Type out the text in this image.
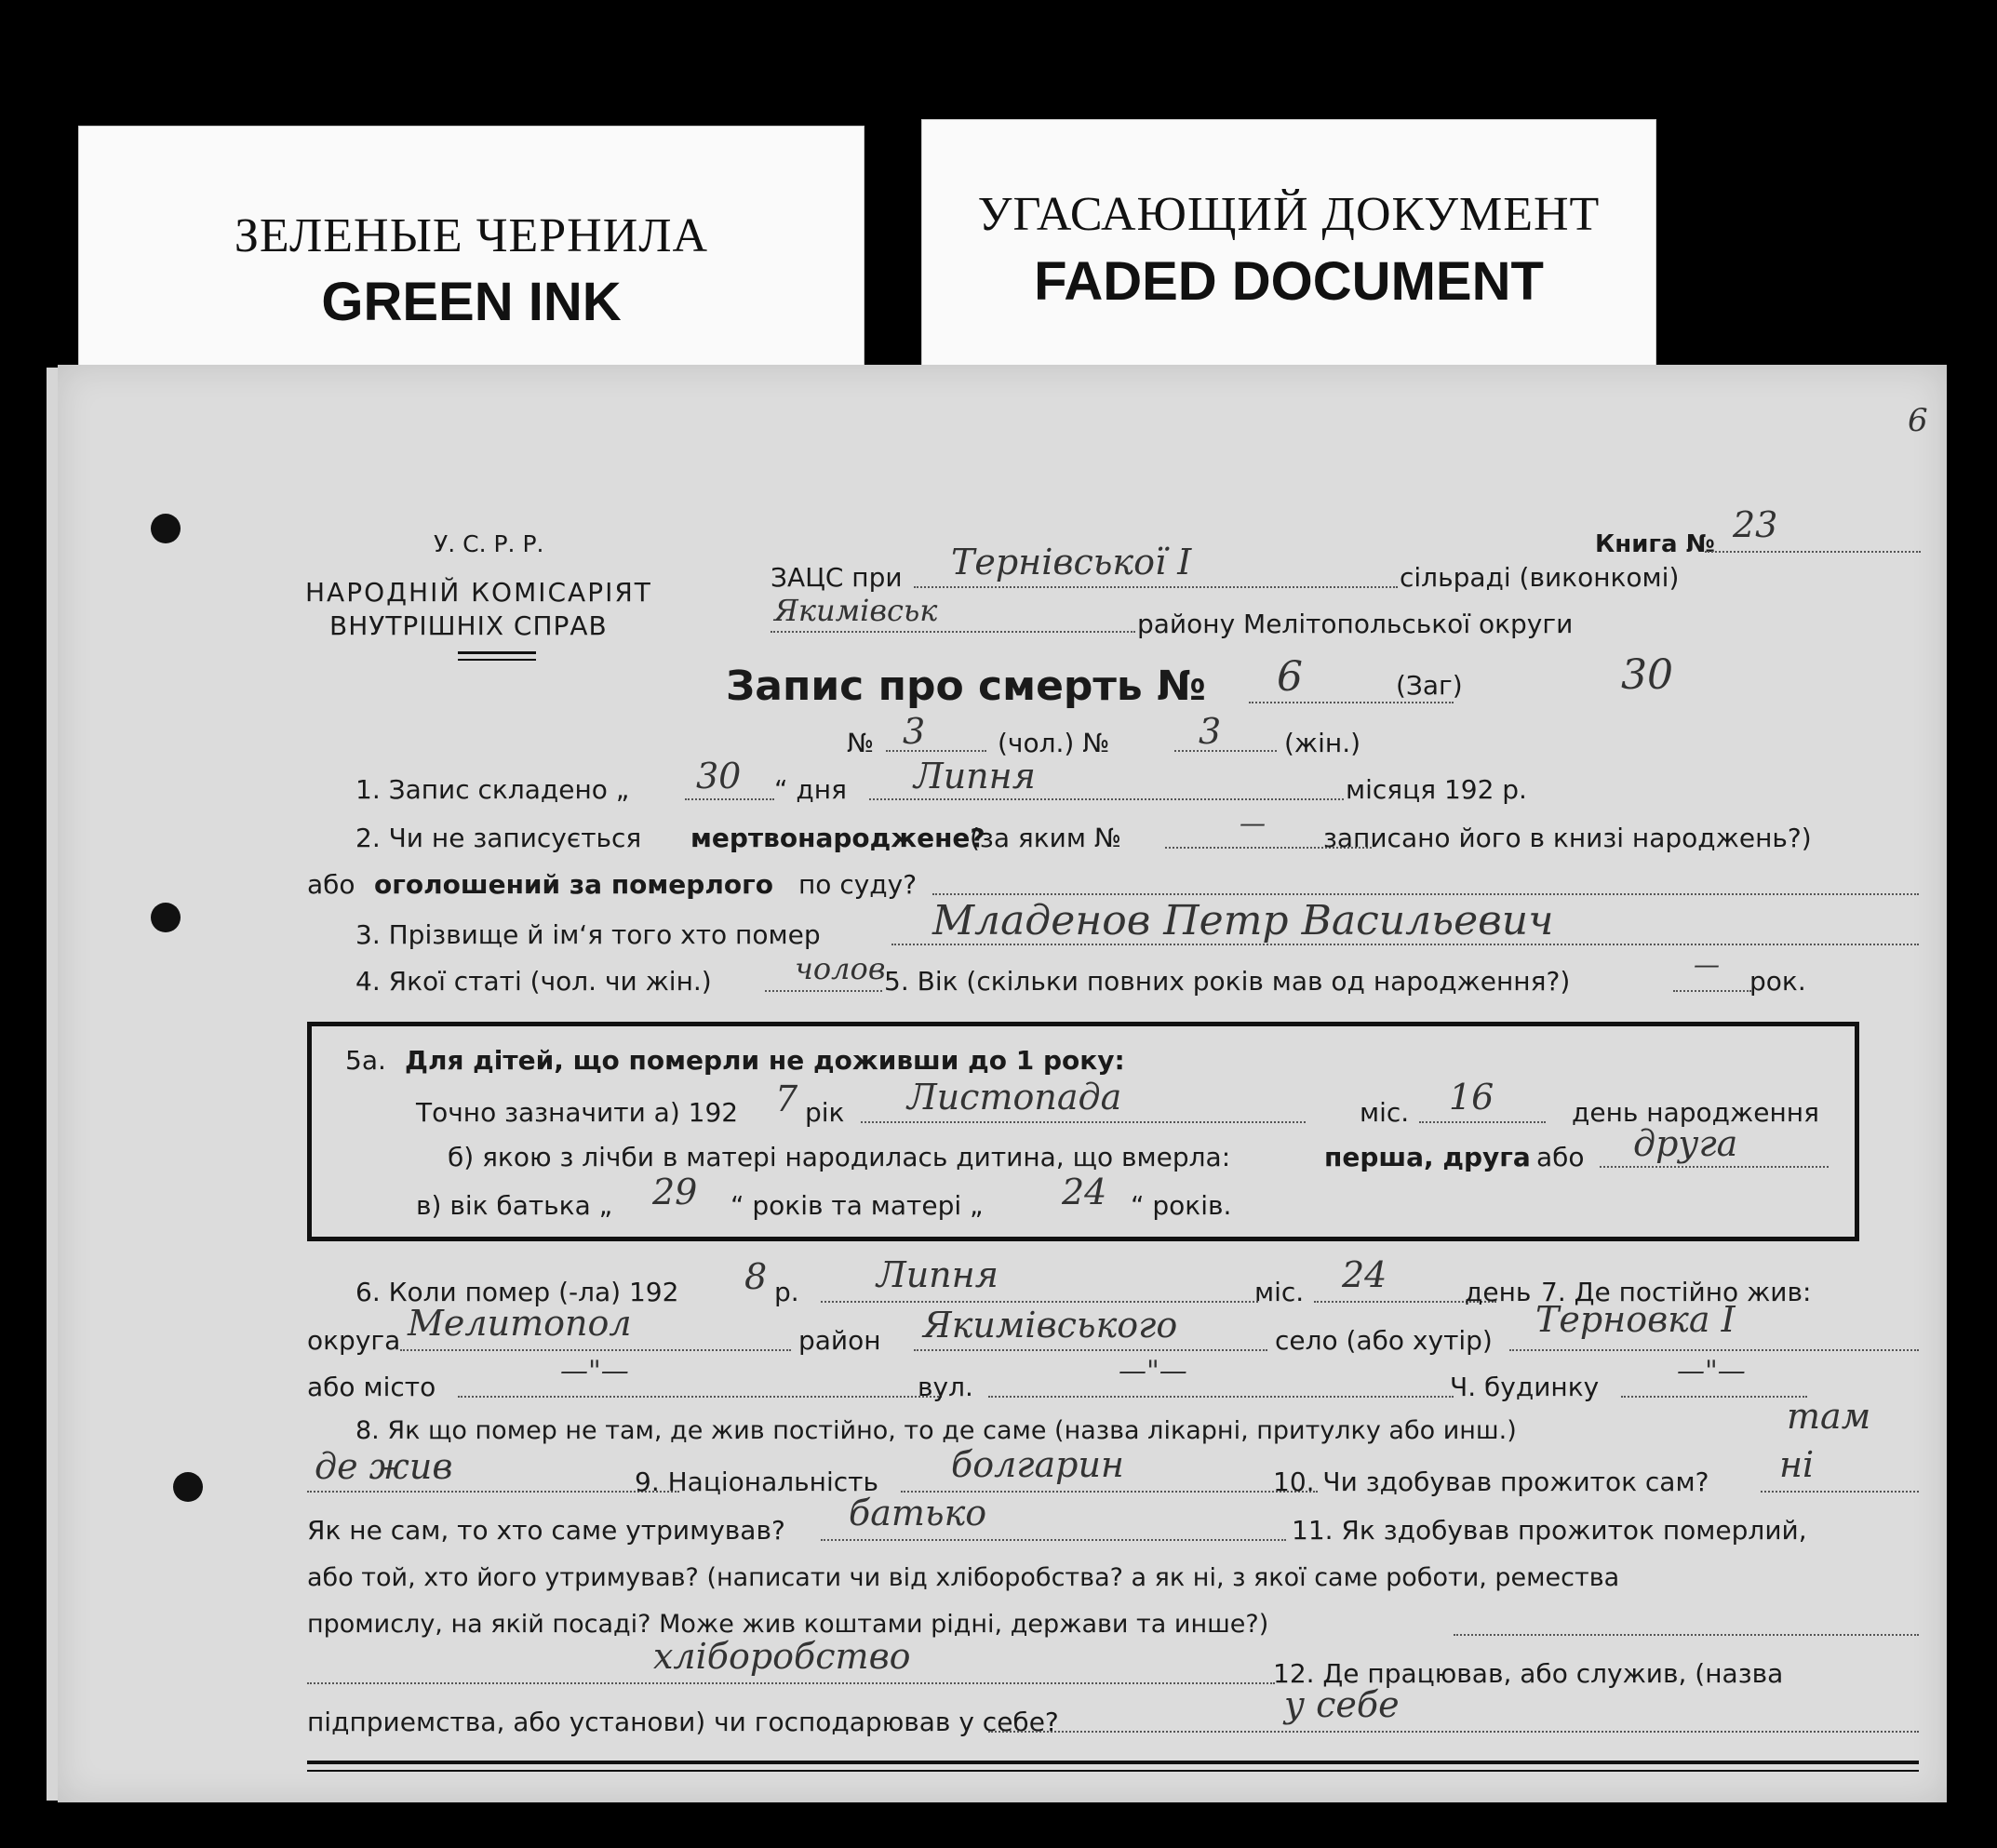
ЗЕЛЕНЫЕ ЧЕРНИЛА
GREEN INK
УГАСАЮЩИЙ ДОКУМЕНТ
FADED DOCUMENT
6
У. С. Р. Р.
НАРОДНІЙ КОМІСАРІЯТ
ВНУТРІШНІХ СПРАВ
Книга № 23
ЗАЦС при Тернівської I	сільраді (виконкомі)
Якимівськ	району Мелітопольської округи
Запис про смерть № 6	(Заг)	30
№ 3	(чол.) №	3 (жін.)
1. Запис складено „ 30 “ дня Липня	місяця 192 р.
2. Чи не записується мертвонароджене?
(за яким №	— записано його в книзі народжень?)
або оголошений за померлого по суду?
3. Прізвище й ім‘я того хто помер	Младенов Петр Васильевич
4. Якої статі (чол. чи жін.)	чолов
5. Вік (скільки повних років мав од народження?)
—
рок.
5а. Для дітей, що померли не доживши до 1 року:
Точно зазначити а) 192 7 рік Листопада	міс. 16	день народження
б) якою з лічби в матері народилась дитина, що вмерла:	перша, друга або друга
в) вік батька „ 29 “ років та матері „ 24 “ років.
6. Коли помер (-ла) 192 8 р. Липня	міс. 24	день 7. Де постійно жив:
округа Мелитопол	район Якимівського	село (або хутір)
Терновка I
або місто	—"—	вул.	—"—	Ч. будинку	—"—
8. Як що помер не там, де жив постійно, то де саме (назва лікарні, притулку або инш.)	там
де жив	9. Національність болгарин	10. Чи здобував прожиток сам? ні
Як не сам, то хто саме утримував? батько	11. Як здобував прожиток померлий,
або той, хто його утримував? (написати чи від хліборобства? а як ні, з якої саме роботи, ремества
промислу, на якій посаді? Може жив коштами рідні, держави та инше?)
хліборобство	12. Де працював, або служив, (назва
підприемства, або установи) чи господарював у себе?	у себе
